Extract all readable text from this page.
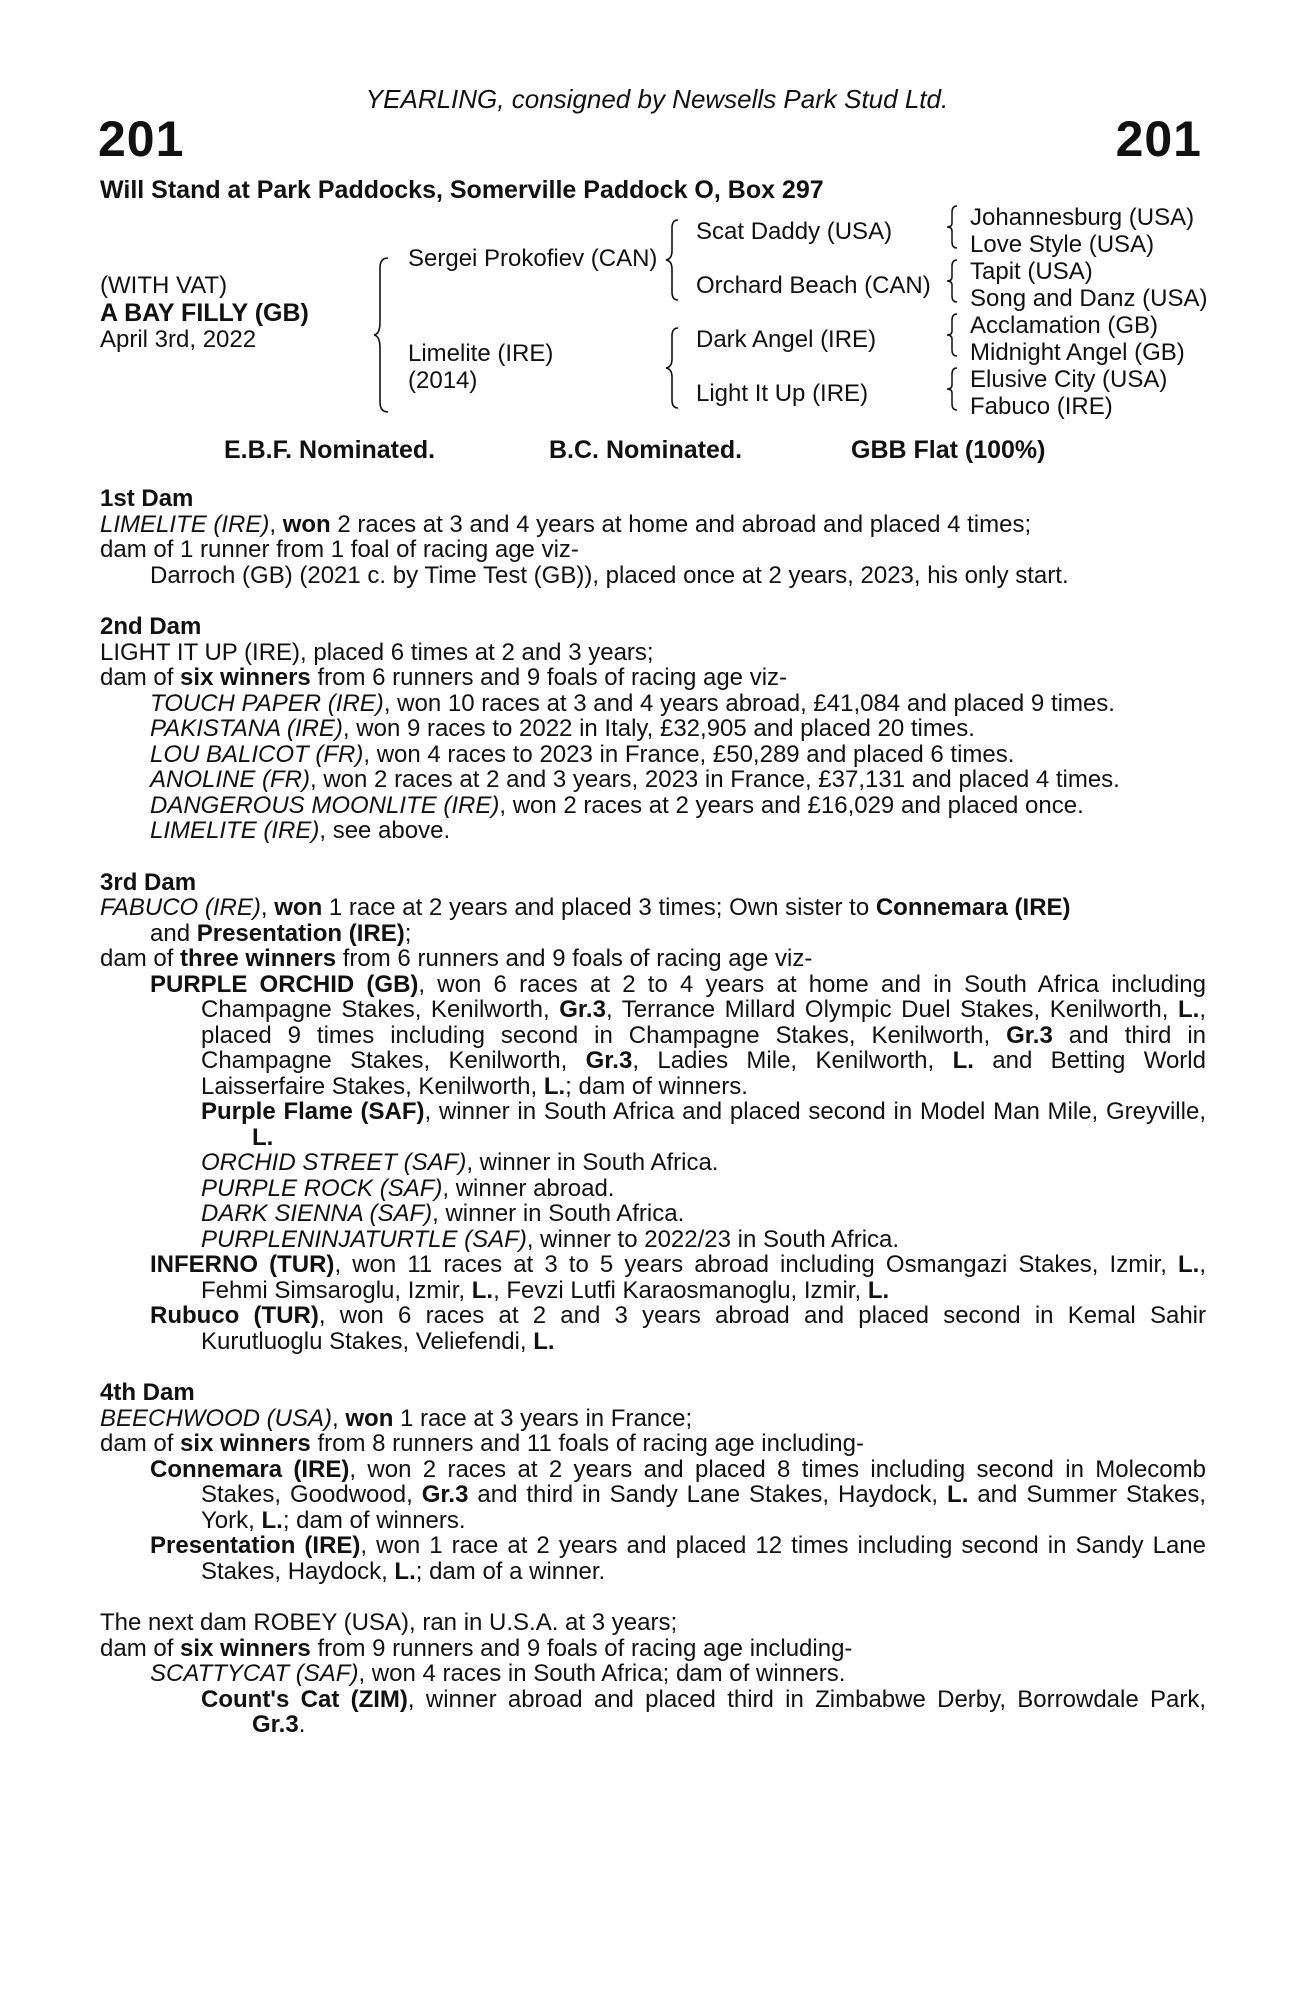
YEARLING, consigned by Newsells Park Stud Ltd.
201	201
Will Stand at Park Paddocks, Somerville Paddock O, Box 297
(WITH VAT)
A BAY FILLY (GB)
April 3rd, 2022
Sergei Prokofiev (CAN)
Limelite (IRE)
(2014)
Scat Daddy (USA)
Orchard Beach (CAN)
Dark Angel (IRE)
Light It Up (IRE)
Johannesburg (USA)
Love Style (USA)
Tapit (USA)
Song and Danz (USA)
Acclamation (GB)
Midnight Angel (GB)
Elusive City (USA)
Fabuco (IRE)
E.B.F. Nominated.	B.C. Nominated.	GBB Flat (100%)
1st Dam
LIMELITE (IRE), won 2 races at 3 and 4 years at home and abroad and placed 4 times;
dam of 1 runner from 1 foal of racing age viz-
Darroch (GB) (2021 c. by Time Test (GB)), placed once at 2 years, 2023, his only start.
2nd Dam
LIGHT IT UP (IRE), placed 6 times at 2 and 3 years;
dam of six winners from 6 runners and 9 foals of racing age viz-
TOUCH PAPER (IRE), won 10 races at 3 and 4 years abroad, £41,084 and placed 9 times.
PAKISTANA (IRE), won 9 races to 2022 in Italy, £32,905 and placed 20 times.
LOU BALICOT (FR), won 4 races to 2023 in France, £50,289 and placed 6 times.
ANOLINE (FR), won 2 races at 2 and 3 years, 2023 in France, £37,131 and placed 4 times.
DANGEROUS MOONLITE (IRE), won 2 races at 2 years and £16,029 and placed once.
LIMELITE (IRE), see above.
3rd Dam
FABUCO (IRE), won 1 race at 2 years and placed 3 times; Own sister to Connemara (IRE)
and Presentation (IRE);
dam of three winners from 6 runners and 9 foals of racing age viz-
PURPLE ORCHID (GB), won 6 races at 2 to 4 years at home and in South Africa including Champagne Stakes, Kenilworth, Gr.3, Terrance Millard Olympic Duel Stakes, Kenilworth, L., placed 9 times including second in Champagne Stakes, Kenilworth, Gr.3 and third in Champagne Stakes, Kenilworth, Gr.3, Ladies Mile, Kenilworth, L. and Betting World Laisserfaire Stakes, Kenilworth, L.; dam of winners.
Purple Flame (SAF), winner in South Africa and placed second in Model Man Mile, Greyville, L.
ORCHID STREET (SAF), winner in South Africa.
PURPLE ROCK (SAF), winner abroad.
DARK SIENNA (SAF), winner in South Africa.
PURPLENINJATURTLE (SAF), winner to 2022/23 in South Africa.
INFERNO (TUR), won 11 races at 3 to 5 years abroad including Osmangazi Stakes, Izmir, L., Fehmi Simsaroglu, Izmir, L., Fevzi Lutfi Karaosmanoglu, Izmir, L.
Rubuco (TUR), won 6 races at 2 and 3 years abroad and placed second in Kemal Sahir Kurutluoglu Stakes, Veliefendi, L.
4th Dam
BEECHWOOD (USA), won 1 race at 3 years in France;
dam of six winners from 8 runners and 11 foals of racing age including-
Connemara (IRE), won 2 races at 2 years and placed 8 times including second in Molecomb Stakes, Goodwood, Gr.3 and third in Sandy Lane Stakes, Haydock, L. and Summer Stakes, York, L.; dam of winners.
Presentation (IRE), won 1 race at 2 years and placed 12 times including second in Sandy Lane Stakes, Haydock, L.; dam of a winner.
The next dam ROBEY (USA), ran in U.S.A. at 3 years;
dam of six winners from 9 runners and 9 foals of racing age including-
SCATTYCAT (SAF), won 4 races in South Africa; dam of winners.
Count's Cat (ZIM), winner abroad and placed third in Zimbabwe Derby, Borrowdale Park, Gr.3.
